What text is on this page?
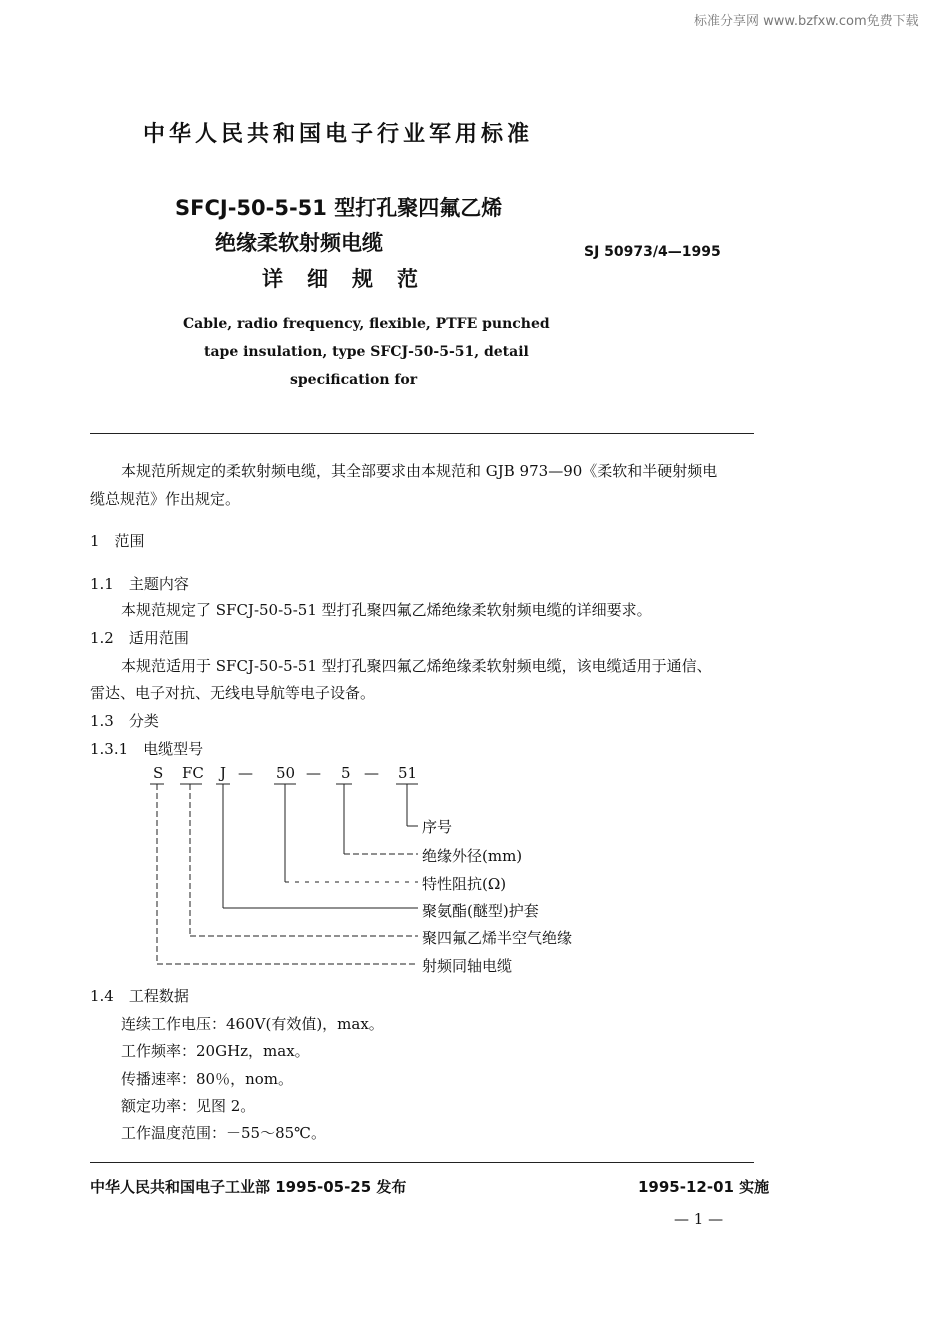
标准分享网 www.bzfxw.com免费下载
中华人民共和国电子行业军用标准
SFCJ-50-5-51 型打孔聚四氟乙烯
绝缘柔软射频电缆
详细规范
SJ 50973/4—1995
Cable, radio frequency, flexible, PTFE punched
tape insulation, type SFCJ-50-5-51, detail
specification for
本规范所规定的柔软射频电缆，其全部要求由本规范和 GJB 973—90《柔软和半硬射频电
缆总规范》作出规定。
1　范围
1.1　主题内容
本规范规定了 SFCJ-50-5-51 型打孔聚四氟乙烯绝缘柔软射频电缆的详细要求。
1.2　适用范围
本规范适用于 SFCJ-50-5-51 型打孔聚四氟乙烯绝缘柔软射频电缆，该电缆适用于通信、
雷达、电子对抗、无线电导航等电子设备。
1.3　分类
1.3.1　电缆型号
S FC J — 50 — 5 — 51
序号
绝缘外径(mm)
特性阻抗(Ω)
聚氨酯(醚型)护套
聚四氟乙烯半空气绝缘
射频同轴电缆
1.4　工程数据
连续工作电压：460V(有效值)，max。
工作频率：20GHz，max。
传播速率：80％，nom。
额定功率：见图 2。
工作温度范围：－55～85℃。
中华人民共和国电子工业部 1995-05-25 发布	1995-12-01 实施
— 1 —
